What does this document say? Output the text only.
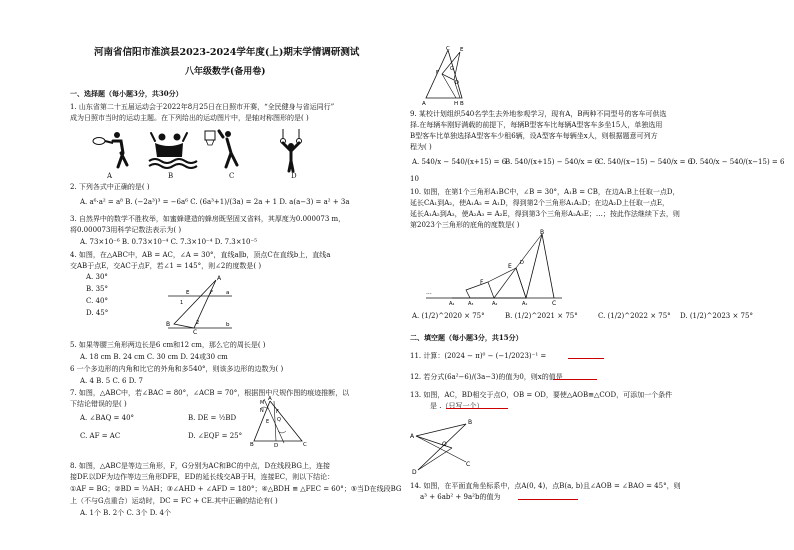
河南省信阳市淮滨县2023-2024学年度(上)期末学情调研测试
八年级数学(备用卷)
一、选择题（每小题3分，共30分）
1. 山东省第二十五届运动会于2022年8月25日在日照市开赛，“全民健身与省运同行”
成为日照市当时的运动主题。在下列给出的运动图片中，是轴对称图形的是( )
A	B	C	D
2. 下列各式中正确的是( )
A. a⁶·a² = a⁸ B. (−2a³)³ = −6a⁶ C. (6a³+1)/(3a) = 2a + 1 D. a(a−3) = a² + 3a
3. 自然界中的数学不胜枚举，如蜜蜂建造的蜂房既坚固又省料，其厚度为0.000073 m，
将0.000073用科学记数法表示为( )
A. 73×10⁻⁶ B. 0.73×10⁻⁴ C. 7.3×10⁻⁴ D. 7.3×10⁻⁵
4. 如图，在△ABC中，AB = AC，∠A = 30°，直线a∥b，顶点C在直线b上，直线a
交AB于点E，交AC于点F，若∠1 = 145°，则∠2的度数是( )
A. 30°
B. 35°
C. 40°
D. 45°
A
E	F
B
C
1
2
a
b
5. 如果等腰三角形两边长是6 cm和12 cm，那么它的周长是( )
A. 18 cm B. 24 cm C. 30 cm D. 24或30 cm
6 一个多边形的内角和比它的外角和多540°，则该多边形的边数为( )
A. 4 B. 5 C. 6 D. 7
7. 如图，△ABC中，若∠BAC = 80°，∠ACB = 70°，根据图中尺规作图的痕迹推断，以
下结论错误的是( )
A. ∠BAQ = 40°	B. DE = ½BD
C. AF = AC	D. ∠EQF = 25°
A
M
N F
Q
E
B	D	C
8. 如图，△ABC是等边三角形，F，G分别为AC和BC的中点，D在线段BG上，连接
接DF.以DF为边作等边三角形DFE，ED的延长线交AB于H，连接EC，则以下结论：
①AF = BG；②BD = ½AH；③∠AHD + ∠AFD = 180°；④△BDH ≌ △FEC = 60°；⑤当D在线段BG
上（不与G点重合）运动时，DC = FC + CE.其中正确的结论有( )
A. 1个 B. 2个 C. 3个 D. 4个
C E
G
F
D
A	H B
9. 某校计划组织540名学生去外地参观学习，现有A，B两种不同型号的客车可供选
择.在每辆车刚好满载的前提下，每辆B型客车比每辆A型客车多坐15人，单独选用
B型客车比单独选择A型客车少租6辆，设A型客车每辆坐x人，则根据题意可列方
程为( )
A. 540/x − 540/(x+15) = 6
B. 540/(x+15) − 540/x = 6
C. 540/(x−15) − 540/x = 6
D. 540/x − 540/(x−15) = 6
10
10. 如图，在第1个三角形A₁BC中，∠B = 30°，A₁B = CB，在边A₁B上任取一点D，
延长CA₁到A₂，使A₁A₂ = A₁D，得到第2个三角形A₁A₂D；在边A₂D上任取一点E，
延长A₁A₂到A₃，使A₂A₃ = A₂E，得到第3个三角形A₂A₃E；…；按此作法继续下去，则
第2023个三角形的底角的度数是( )
···
A₄	A₃	A₂	A₁	C
B
E
F
D
A. (1/2)^2020 × 75°	B. (1/2)^2021 × 75°	C. (1/2)^2022 × 75° D. (1/2)^2023 × 75°
二、填空题（每小题3分，共15分）
11. 计算：(2024 − π)⁰ − (−1/2023)⁻¹ =
12. 若分式(6a²−6)/(3a−3)的值为0，则x的值是
13. 如图，AC，BD相交于点O，OB = OD，要使△AOB≌△COD，可添加一个条件
是 .（只写一个）
A
B
O
C
D
14. 如图，在平面直角坐标系中，点A(0, 4)，点B(a, b)且∠AOB = ∠BAO = 45°，则
a³ + 6ab² + 9a²b的值为
